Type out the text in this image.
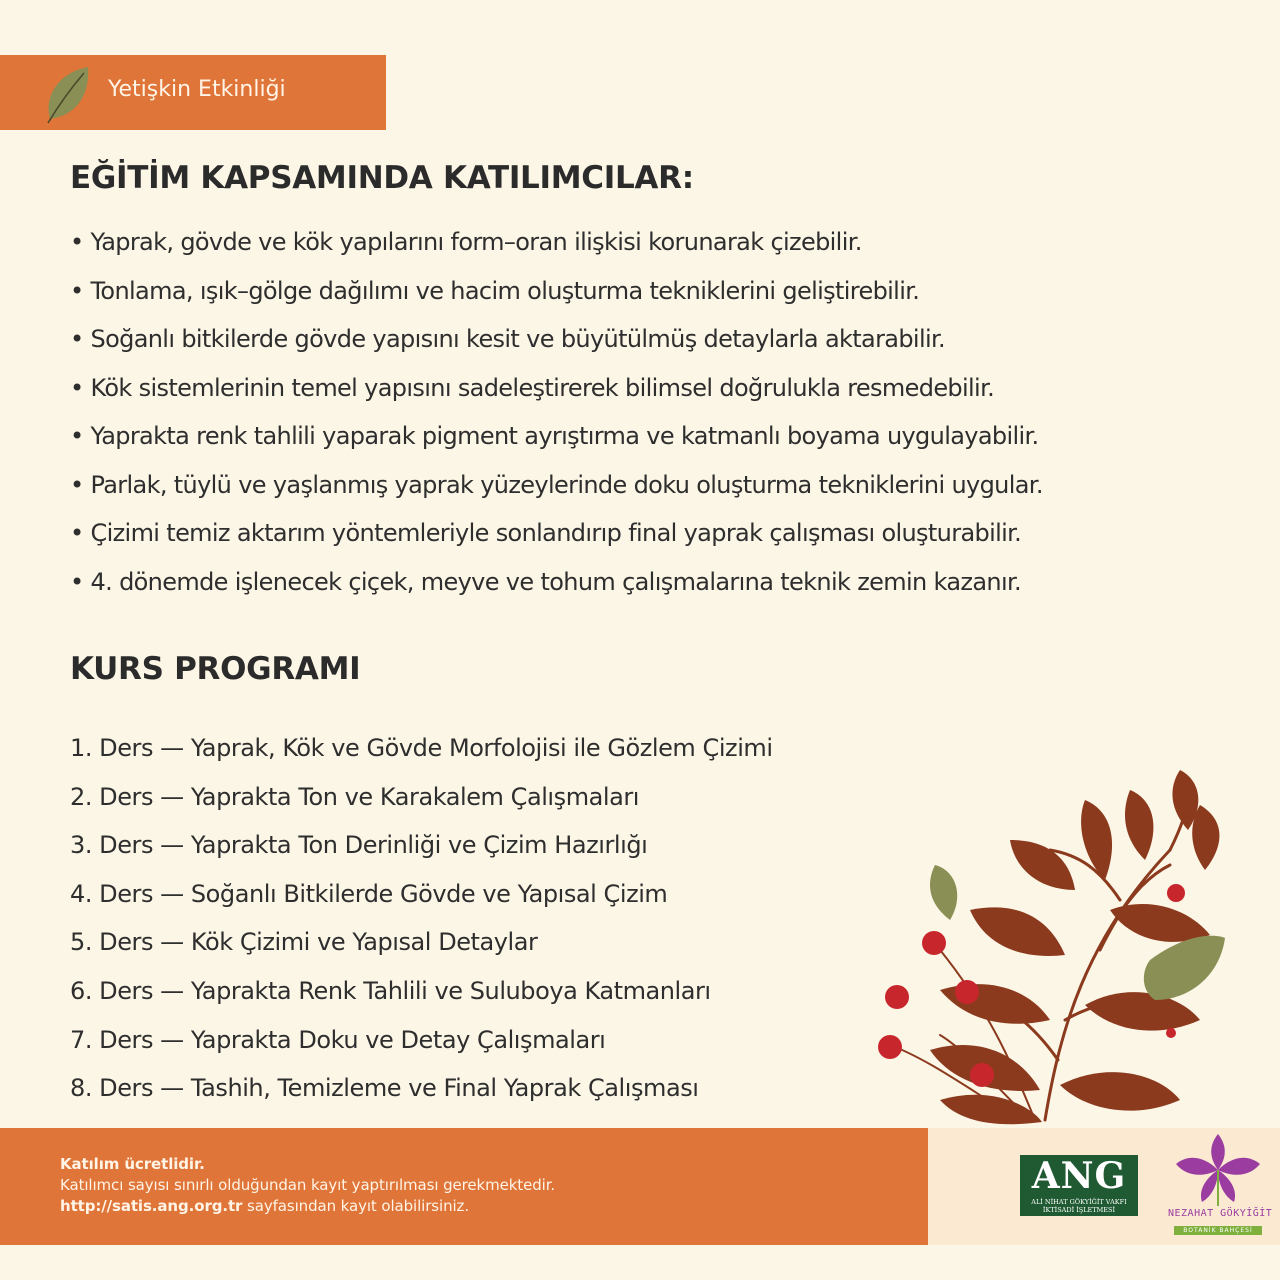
Yetişkin Etkinliği
EĞİTİM KAPSAMINDA KATILIMCILAR:
• Yaprak, gövde ve kök yapılarını form–oran ilişkisi korunarak çizebilir.
• Tonlama, ışık–gölge dağılımı ve hacim oluşturma tekniklerini geliştirebilir.
• Soğanlı bitkilerde gövde yapısını kesit ve büyütülmüş detaylarla aktarabilir.
• Kök sistemlerinin temel yapısını sadeleştirerek bilimsel doğrulukla resmedebilir.
• Yaprakta renk tahlili yaparak pigment ayrıştırma ve katmanlı boyama uygulayabilir.
• Parlak, tüylü ve yaşlanmış yaprak yüzeylerinde doku oluşturma tekniklerini uygular.
• Çizimi temiz aktarım yöntemleriyle sonlandırıp final yaprak çalışması oluşturabilir.
• 4. dönemde işlenecek çiçek, meyve ve tohum çalışmalarına teknik zemin kazanır.
KURS PROGRAMI
1. Ders — Yaprak, Kök ve Gövde Morfolojisi ile Gözlem Çizimi
2. Ders — Yaprakta Ton ve Karakalem Çalışmaları
3. Ders — Yaprakta Ton Derinliği ve Çizim Hazırlığı
4. Ders — Soğanlı Bitkilerde Gövde ve Yapısal Çizim
5. Ders — Kök Çizimi ve Yapısal Detaylar
6. Ders — Yaprakta Renk Tahlili ve Suluboya Katmanları
7. Ders — Yaprakta Doku ve Detay Çalışmaları
8. Ders — Tashih, Temizleme ve Final Yaprak Çalışması
Katılım ücretlidir.
Katılımcı sayısı sınırlı olduğundan kayıt yaptırılması gerekmektedir.
http://satis.ang.org.tr sayfasından kayıt olabilirsiniz.
ANG
ALİ NİHAT GÖKYİĞİT VAKFI
İKTİSADİ İŞLETMESİ	NEZAHAT GÖKYİĞİT
BOTANİK BAHÇESİ
